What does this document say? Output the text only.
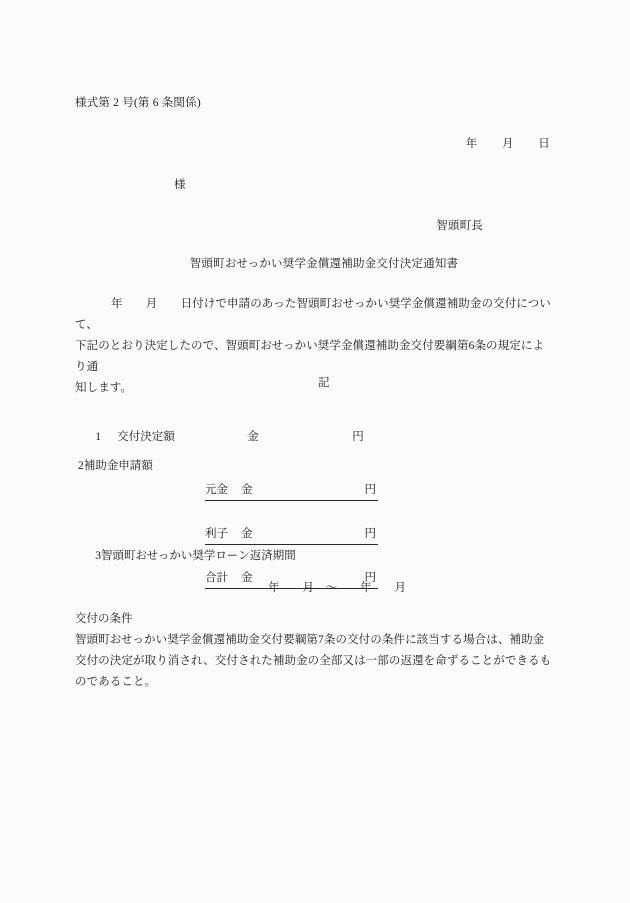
様式第 2 号(第 6 条関係)
年        月        日
様
智頭町長
智頭町おせっかい奨学金償還補助金交付決定通知書
年　　月　　日付けで申請のあった智頭町おせっかい奨学金償還補助金の交付について、
下記のとおり決定したので、智頭町おせっかい奨学金償還補助金交付要綱第6条の規定により通
知します。	記

1 交付決定額	金	円

2補助金申請額

元金 金	円

利子 金	円

合計 金	円

3智頭町おせっかい奨学ローン返済期間

年　　月　〜　　年　　月

交付の条件
智頭町おせっかい奨学金償還補助金交付要綱第7条の交付の条件に該当する場合は、補助金交付の決定が取り消され、交付された補助金の全部又は一部の返還を命ずることができるものであること。
